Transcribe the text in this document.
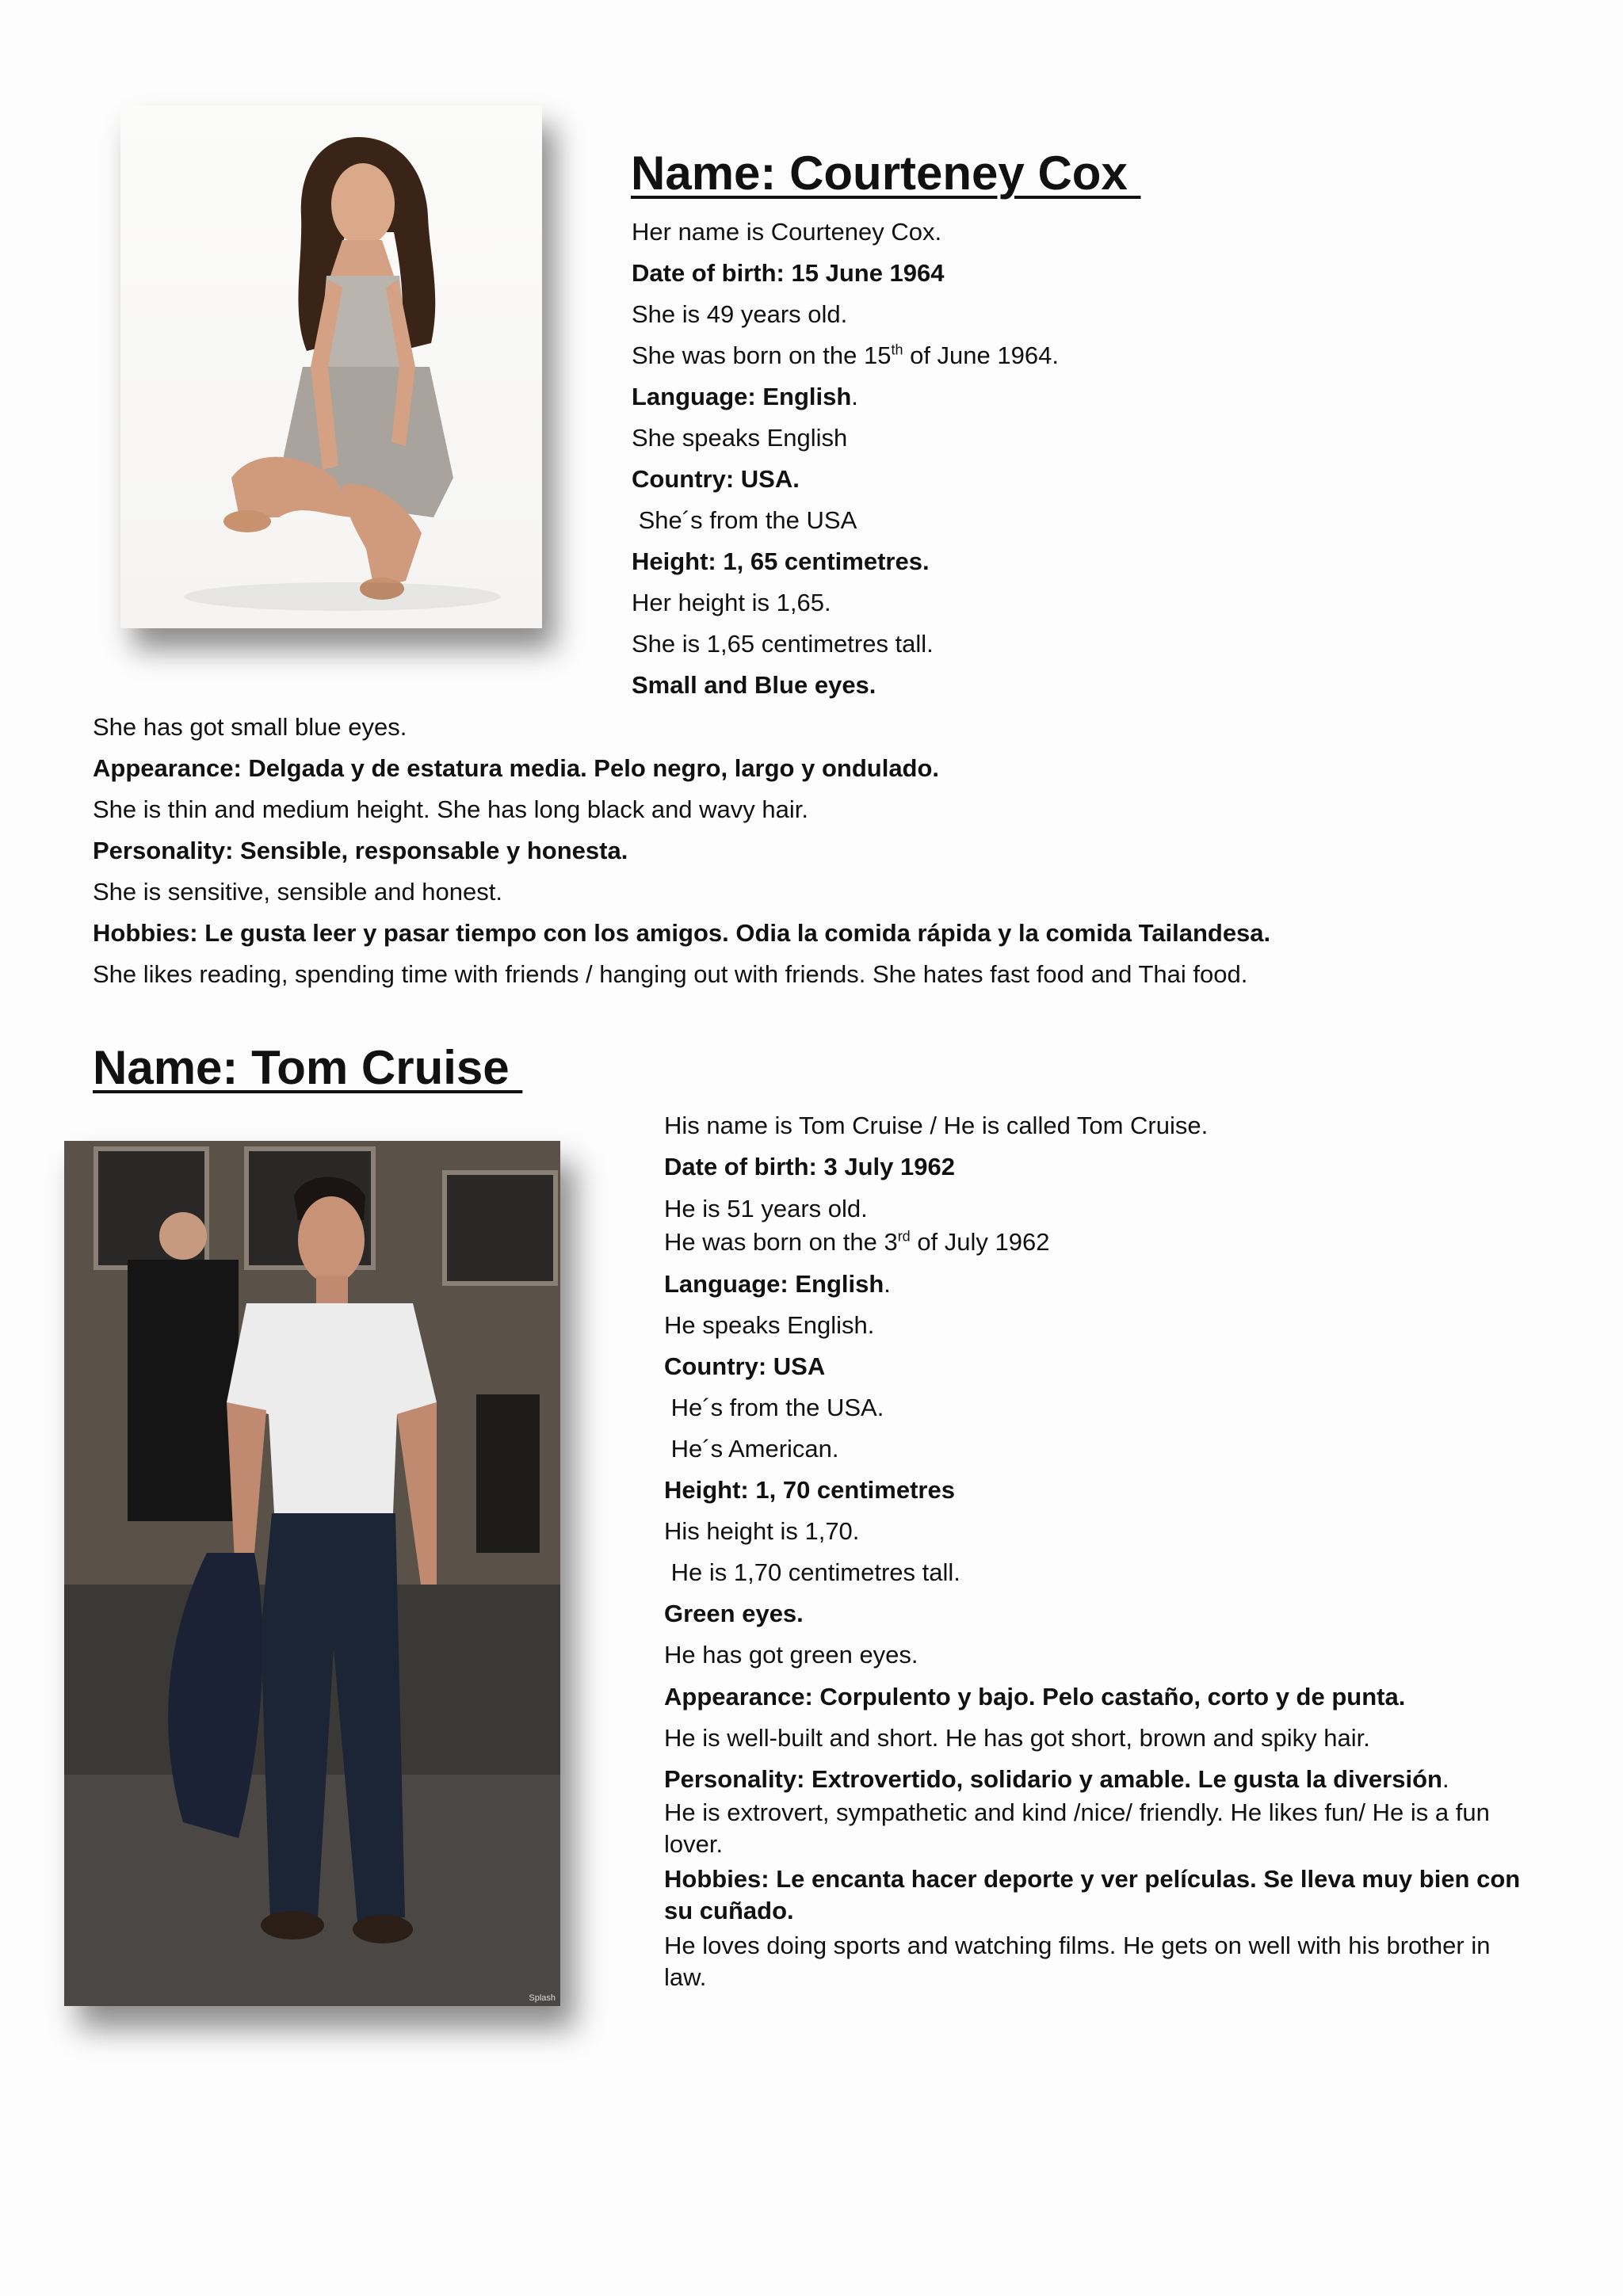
Name: Courteney Cox
Her name is Courteney Cox.
Date of birth: 15 June 1964
She is 49 years old.
She was born on the 15th of June 1964.
Language: English.
She speaks English
Country: USA.
She´s from the USA
Height: 1, 65 centimetres.
Her height is 1,65.
She is 1,65 centimetres tall.
Small and Blue eyes.
She has got small blue eyes.
Appearance: Delgada y de estatura media. Pelo negro, largo y ondulado.
She is thin and medium height. She has long black and wavy hair.
Personality: Sensible, responsable y honesta.
She is sensitive, sensible and honest.
Hobbies: Le gusta leer y pasar tiempo con los amigos. Odia la comida rápida y la comida Tailandesa.
She likes reading, spending time with friends / hanging out with friends. She hates fast food and Thai food.
Name: Tom Cruise
Splash
His name is Tom Cruise / He is called Tom Cruise.
Date of birth: 3 July 1962
He is 51 years old.
He was born on the 3rd of July 1962
Language: English.
He speaks English.
Country: USA
He´s from the USA.
He´s American.
Height: 1, 70 centimetres
His height is 1,70.
He is 1,70 centimetres tall.
Green eyes.
He has got green eyes.
Appearance: Corpulento y bajo. Pelo castaño, corto y de punta.
He is well-built and short. He has got short, brown and spiky hair.
Personality: Extrovertido, solidario y amable. Le gusta la diversión.
He is extrovert, sympathetic and kind /nice/ friendly. He likes fun/ He is a fun lover.
Hobbies: Le encanta hacer deporte y ver películas. Se lleva muy bien con su cuñado.
He loves doing sports and watching films. He gets on well with his brother in law.
